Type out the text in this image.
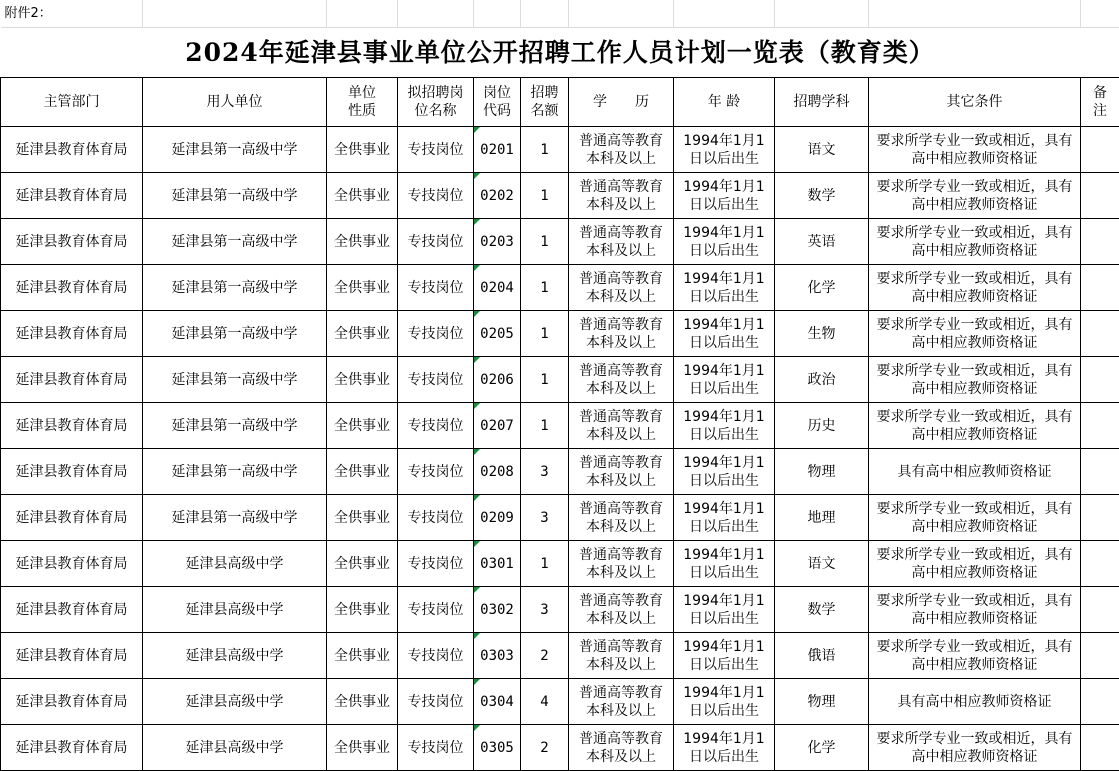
附件2：										
2024年延津县事业单位公开招聘工作人员计划一览表（教育类）										
主管部门	用人单位	单位性质	拟招聘岗位名称	岗位代码	招聘名额	学　　历	年 龄	招聘学科	其它条件	备注
延津县教育体育局	延津县第一高级中学	全供事业	专技岗位	0201	1	普通高等教育本科及以上	1994年1月1日以后出生	语文	要求所学专业一致或相近，具有高中相应教师资格证	
延津县教育体育局	延津县第一高级中学	全供事业	专技岗位	0202	1	普通高等教育本科及以上	1994年1月1日以后出生	数学	要求所学专业一致或相近，具有高中相应教师资格证	
延津县教育体育局	延津县第一高级中学	全供事业	专技岗位	0203	1	普通高等教育本科及以上	1994年1月1日以后出生	英语	要求所学专业一致或相近，具有高中相应教师资格证	
延津县教育体育局	延津县第一高级中学	全供事业	专技岗位	0204	1	普通高等教育本科及以上	1994年1月1日以后出生	化学	要求所学专业一致或相近，具有高中相应教师资格证	
延津县教育体育局	延津县第一高级中学	全供事业	专技岗位	0205	1	普通高等教育本科及以上	1994年1月1日以后出生	生物	要求所学专业一致或相近，具有高中相应教师资格证	
延津县教育体育局	延津县第一高级中学	全供事业	专技岗位	0206	1	普通高等教育本科及以上	1994年1月1日以后出生	政治	要求所学专业一致或相近，具有高中相应教师资格证	
延津县教育体育局	延津县第一高级中学	全供事业	专技岗位	0207	1	普通高等教育本科及以上	1994年1月1日以后出生	历史	要求所学专业一致或相近，具有高中相应教师资格证	
延津县教育体育局	延津县第一高级中学	全供事业	专技岗位	0208	3	普通高等教育本科及以上	1994年1月1日以后出生	物理	具有高中相应教师资格证	
延津县教育体育局	延津县第一高级中学	全供事业	专技岗位	0209	3	普通高等教育本科及以上	1994年1月1日以后出生	地理	要求所学专业一致或相近，具有高中相应教师资格证	
延津县教育体育局	延津县高级中学	全供事业	专技岗位	0301	1	普通高等教育本科及以上	1994年1月1日以后出生	语文	要求所学专业一致或相近，具有高中相应教师资格证	
延津县教育体育局	延津县高级中学	全供事业	专技岗位	0302	3	普通高等教育本科及以上	1994年1月1日以后出生	数学	要求所学专业一致或相近，具有高中相应教师资格证	
延津县教育体育局	延津县高级中学	全供事业	专技岗位	0303	2	普通高等教育本科及以上	1994年1月1日以后出生	俄语	要求所学专业一致或相近，具有高中相应教师资格证	
延津县教育体育局	延津县高级中学	全供事业	专技岗位	0304	4	普通高等教育本科及以上	1994年1月1日以后出生	物理	具有高中相应教师资格证	
延津县教育体育局	延津县高级中学	全供事业	专技岗位	0305	2	普通高等教育本科及以上	1994年1月1日以后出生	化学	要求所学专业一致或相近，具有高中相应教师资格证	
